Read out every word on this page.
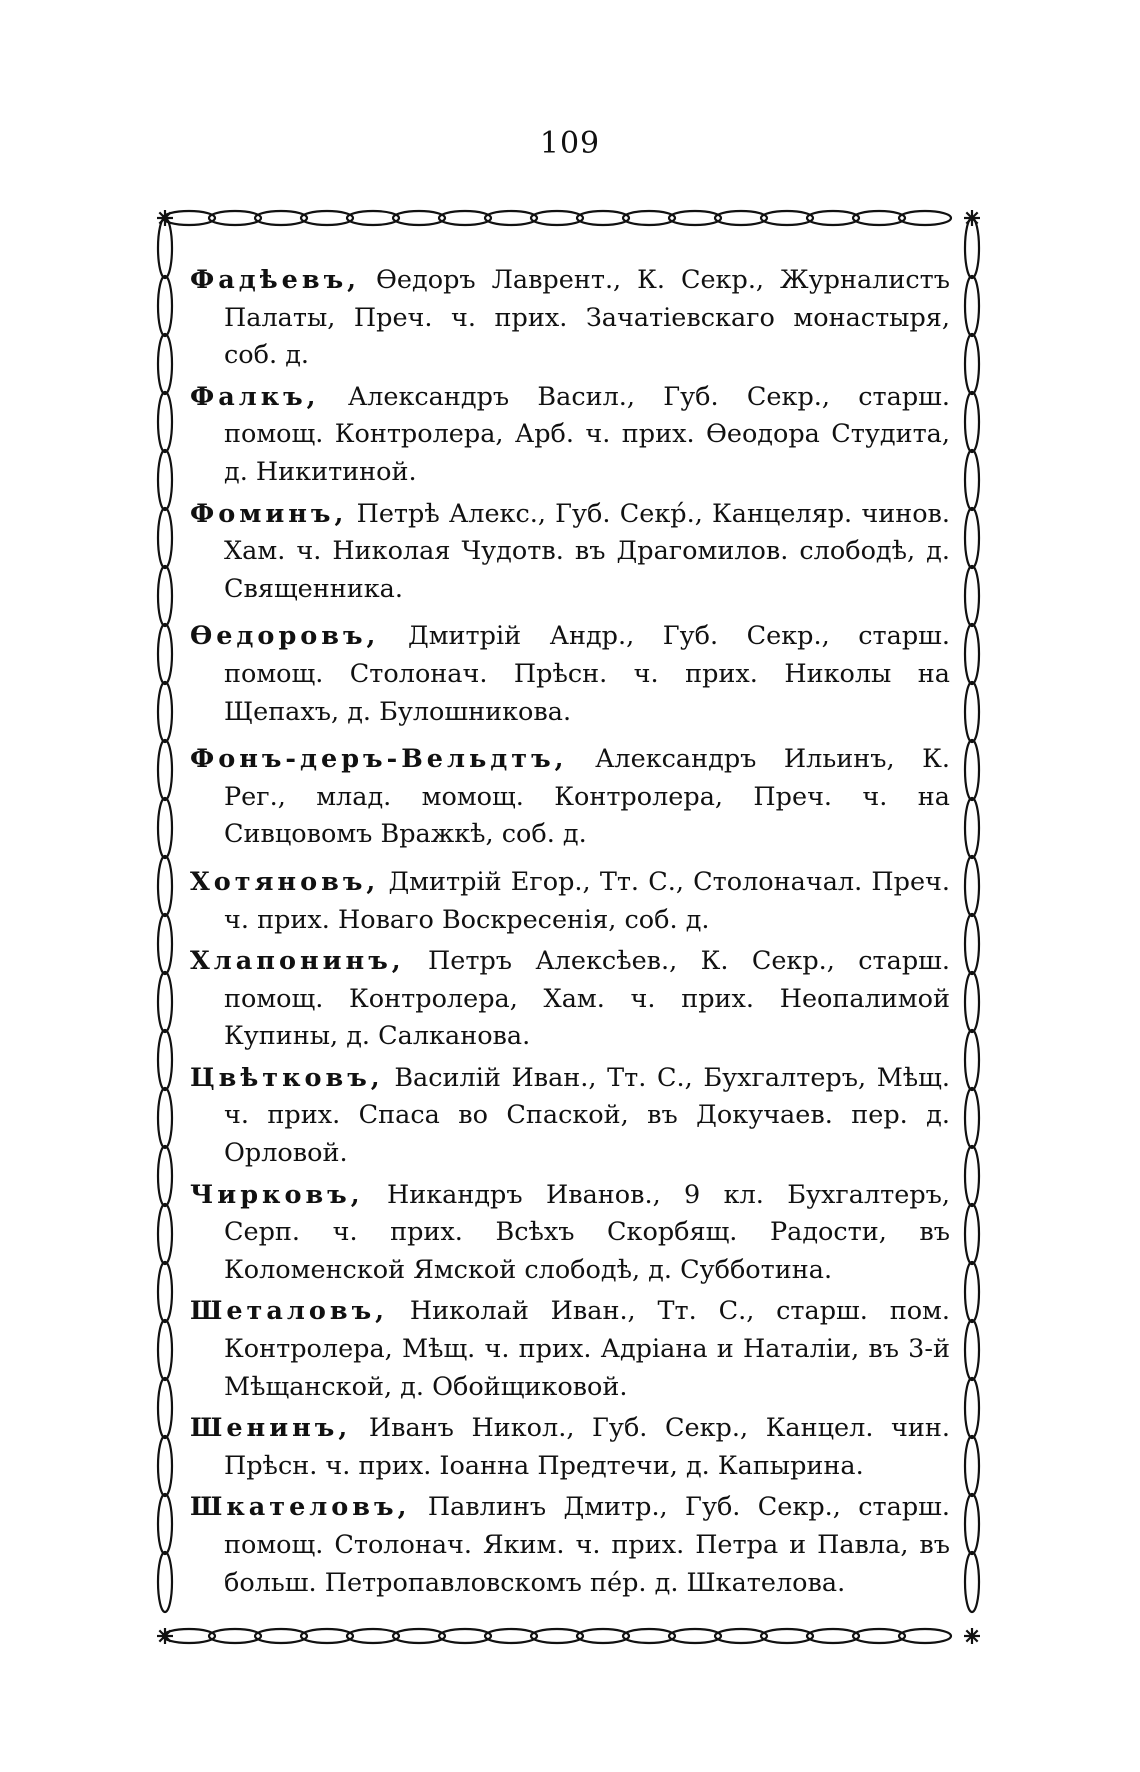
109
Фадѣевъ, Ѳедоръ Лаврент., К. Секр., Журналистъ Палаты, Преч. ч. прих. Зачатіевскаго монастыря, соб. д.
Фалкъ, Александръ Васил., Губ. Секр., старш. помощ. Контролера, Арб. ч. прих. Ѳеодора Студита, д. Никитиной.
Фоминъ, Петрѣ Алекс., Губ. Секр́., Канцеляр. чинов. Хам. ч. Николая Чудотв. въ Драгомилов. слободѣ, д. Священника.
Ѳедоровъ, Дмитрій Андр., Губ. Секр., старш. помощ. Столонач. Прѣсн. ч. прих. Николы на Щепахъ, д. Булошникова.
Фонъ-деръ-Вельдтъ, Александръ Ильинъ, К. Рег., млад. момощ. Контролера, Преч. ч. на Сивцовомъ Вражкѣ, соб. д.
Хотяновъ, Дмитрій Егор., Тт. С., Столоначал. Преч. ч. прих. Новаго Воскресенія, соб. д.
Хлапонинъ, Петръ Алексѣев., К. Секр., старш. помощ. Контролера, Хам. ч. прих. Неопалимой Купины, д. Салканова.
Цвѣтковъ, Василій Иван., Тт. С., Бухгалтеръ, Мѣщ. ч. прих. Спаса во Спаской, въ Докучаев. пер. д. Орловой.
Чирковъ, Никандръ Иванов., 9 кл. Бухгалтеръ, Серп. ч. прих. Всѣхъ Скорбящ. Радости, въ Коломенской Ямской слободѣ, д. Субботина.
Шеталовъ, Николай Иван., Тт. С., старш. пом. Контролера, Мѣщ. ч. прих. Адріана и Наталіи, въ 3-й Мѣщанской, д. Обойщиковой.
Шенинъ, Иванъ Никол., Губ. Секр., Канцел. чин. Прѣсн. ч. прих. Іоанна Предтечи, д. Капырина.
Шкателовъ, Павлинъ Дмитр., Губ. Секр., старш. помощ. Столонач. Яким. ч. прих. Петра и Павла, въ больш. Петропавловскомъ пе́р. д. Шкателова.
